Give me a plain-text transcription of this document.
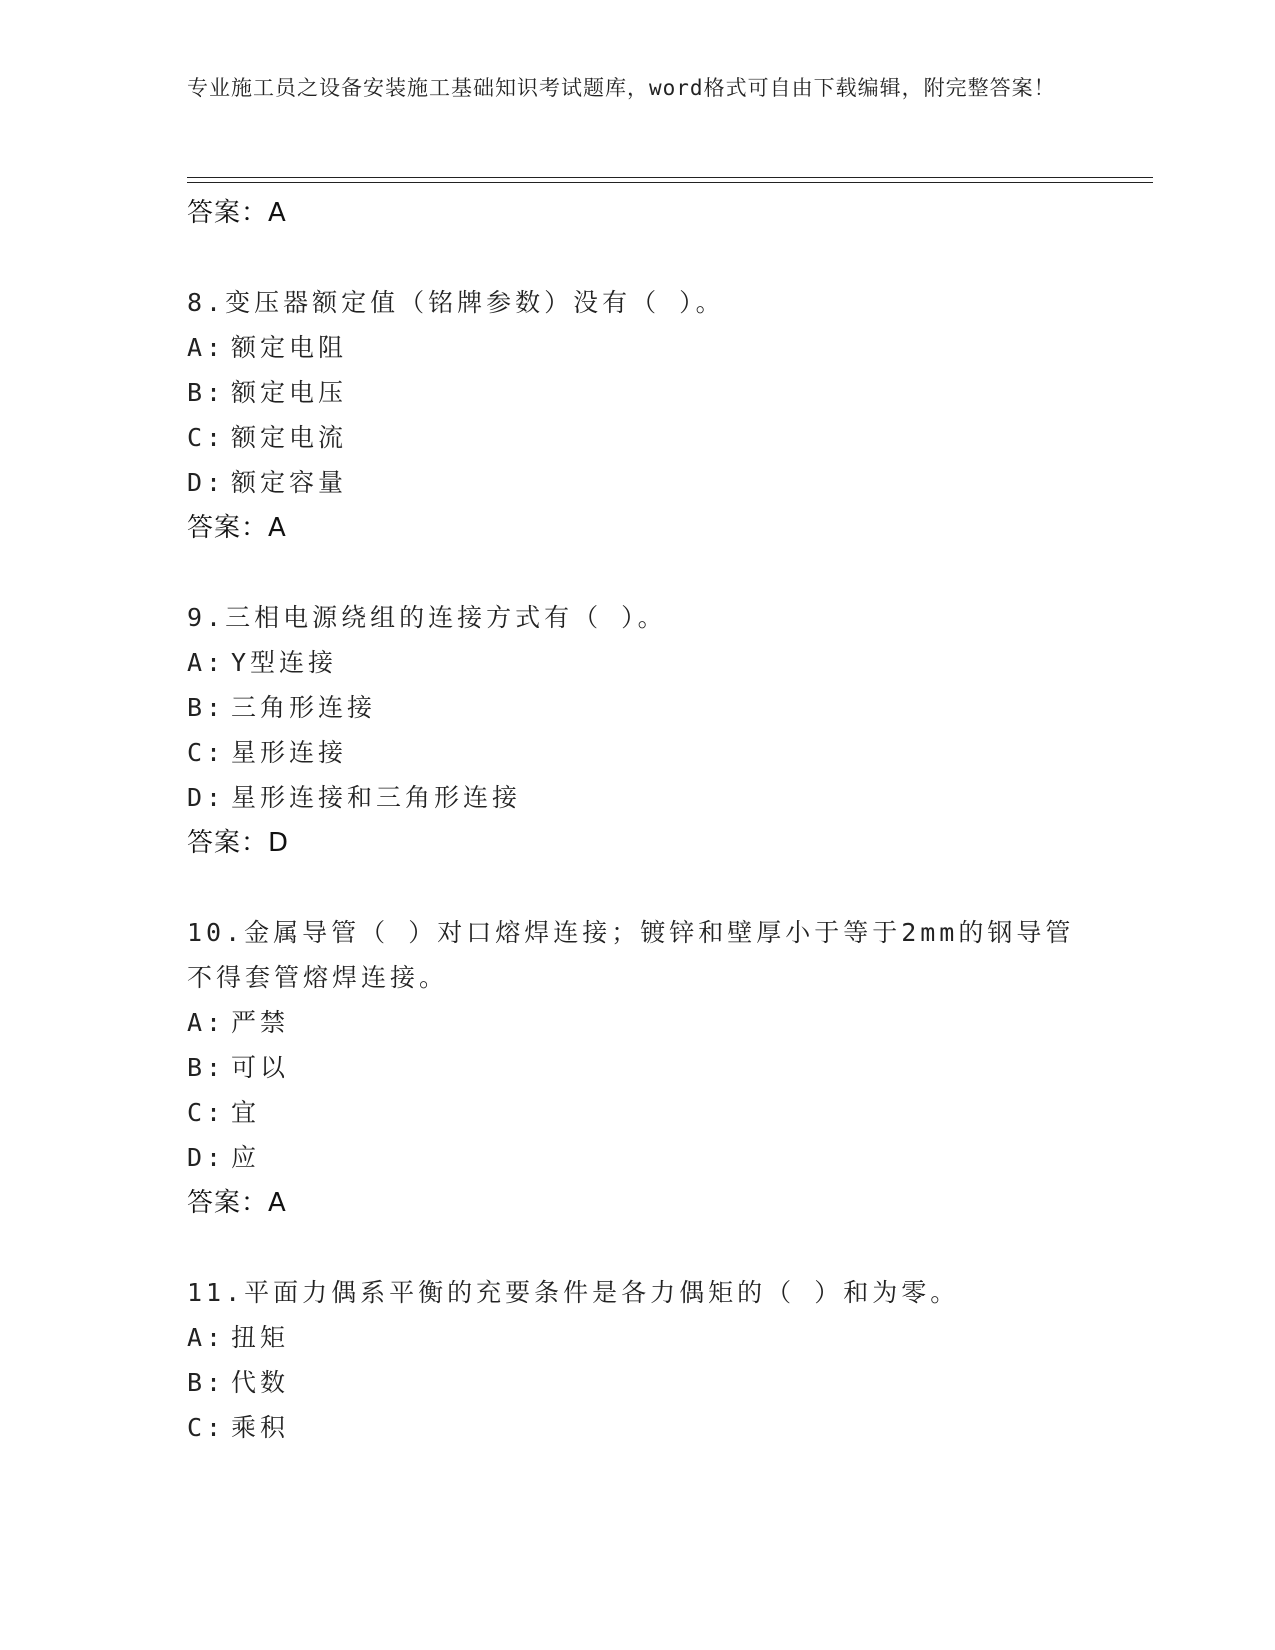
专业施工员之设备安装施工基础知识考试题库，word格式可自由下载编辑，附完整答案！
答案：A
8.变压器额定值（铭牌参数）没有（ ）。
A: 额定电阻
B: 额定电压
C: 额定电流
D: 额定容量
答案：A
9.三相电源绕组的连接方式有（ ）。
A: Y型连接
B: 三角形连接
C: 星形连接
D: 星形连接和三角形连接
答案：D
10.金属导管（ ）对口熔焊连接；镀锌和壁厚小于等于2mm的钢导管不得套管熔焊连接。
A: 严禁
B: 可以
C: 宜
D: 应
答案：A
11.平面力偶系平衡的充要条件是各力偶矩的（ ）和为零。
A: 扭矩
B: 代数
C: 乘积
